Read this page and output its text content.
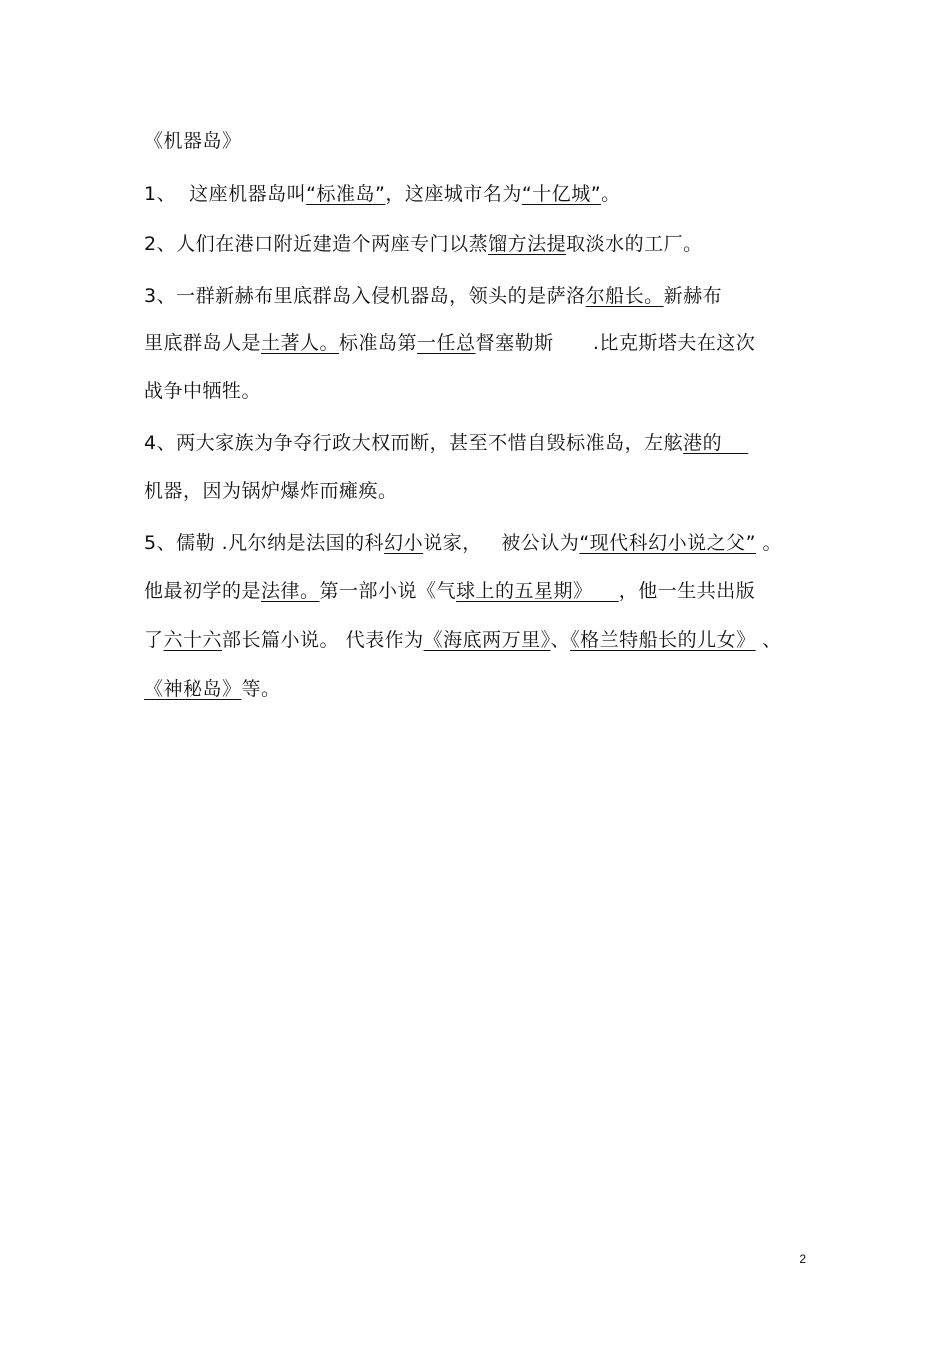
《机器岛》
1、  这座机器岛叫“标准岛”，这座城市名为“十亿城”。
2、人们在港口附近建造个两座专门以蒸馏方法提取淡水的工厂。
3、一群新赫布里底群岛入侵机器岛，领头的是萨洛尔船长。新赫布
里底群岛人是土著人。标准岛第一任总督塞勒斯 .比克斯塔夫在这次
战争中牺牲。
4、两大家族为争夺行政大权而断，甚至不惜自毁标准岛，左舷港的
机器，因为锅炉爆炸而瘫痪。
5、儒勒 .凡尔纳是法国的科幻小说家，   被公认为“现代科幻小说之父” 。
他最初学的是法律。第一部小说《气球上的五星期》    ，他一生共出版
了六十六部长篇小说。 代表作为《海底两万里》、《格兰特船长的儿女》 、
《神秘岛》等。
2
